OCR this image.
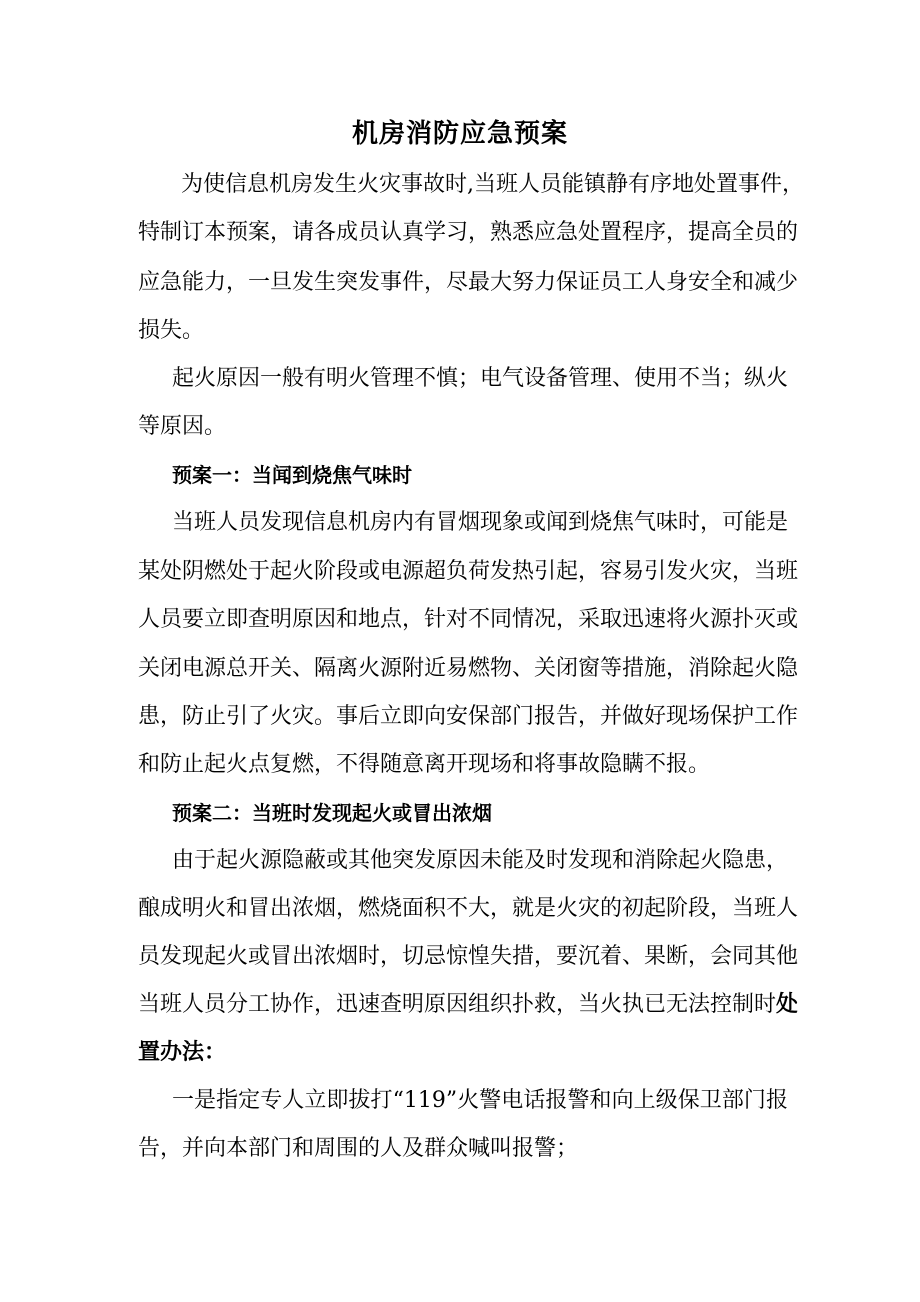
机房消防应急预案
为使信息机房发生火灾事故时,当班人员能镇静有序地处置事件，
特制订本预案，请各成员认真学习，熟悉应急处置程序，提高全员的
应急能力，一旦发生突发事件，尽最大努力保证员工人身安全和减少
损失。
起火原因一般有明火管理不慎；电气设备管理、使用不当；纵火
等原因。
预案一：当闻到烧焦气味时
当班人员发现信息机房内有冒烟现象或闻到烧焦气味时，可能是
某处阴燃处于起火阶段或电源超负荷发热引起，容易引发火灾，当班
人员要立即查明原因和地点，针对不同情况，采取迅速将火源扑灭或
关闭电源总开关、隔离火源附近易燃物、关闭窗等措施，消除起火隐
患，防止引了火灾。事后立即向安保部门报告，并做好现场保护工作
和防止起火点复燃，不得随意离开现场和将事故隐瞒不报。
预案二：当班时发现起火或冒出浓烟
由于起火源隐蔽或其他突发原因未能及时发现和消除起火隐患，
酿成明火和冒出浓烟，燃烧面积不大，就是火灾的初起阶段，当班人
员发现起火或冒出浓烟时，切忌惊惶失措，要沉着、果断，会同其他
当班人员分工协作，迅速查明原因组织扑救，当火执已无法控制时处
置办法：
一是指定专人立即拔打“119”火警电话报警和向上级保卫部门报
告，并向本部门和周围的人及群众喊叫报警；
